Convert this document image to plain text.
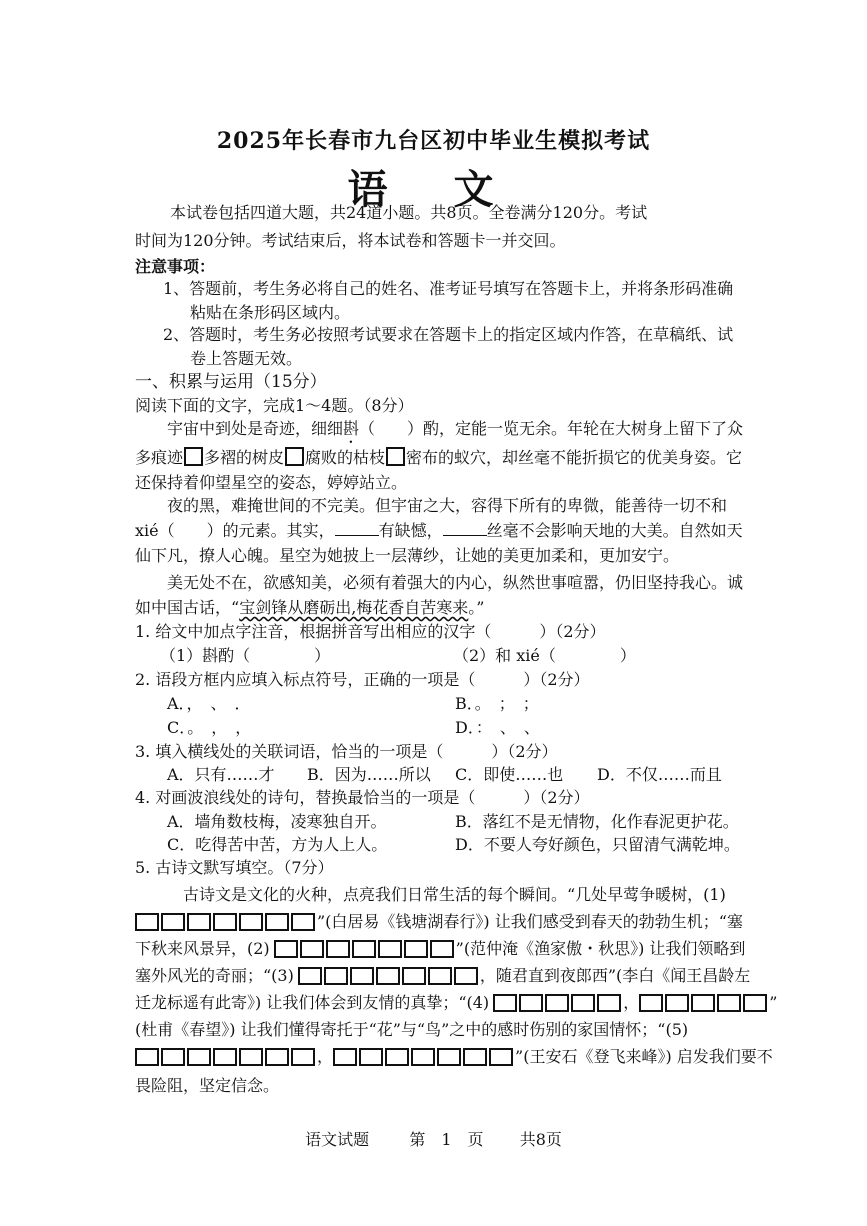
2025年长春市九台区初中毕业生模拟考试
语 文
本试卷包括四道大题，共24道小题。共8页。全卷满分120分。考试
时间为120分钟。考试结束后，将本试卷和答题卡一并交回。
注意事项：
1、答题前，考生务必将自己的姓名、准考证号填写在答题卡上，并将条形码准确
粘贴在条形码区域内。
2、答题时，考生务必按照考试要求在答题卡上的指定区域内作答，在草稿纸、试
卷上答题无效。
一、积累与运用（15分）
阅读下面的文字，完成1～4题。（8分）
宇宙中到处是奇迹，细细斟（　　）酌，定能一览无余。年轮在大树身上留下了众
多痕迹 多褶的树皮 腐败的枯枝 密布的蚁穴，却丝毫不能折损它的优美身姿。它
还保持着仰望星空的姿态，婷婷站立。
夜的黑，难掩世间的不完美。但宇宙之大，容得下所有的卑微，能善待一切不和
xié（　　）的元素。其实，	有缺憾，	丝毫不会影响天地的大美。自然如天
仙下凡，撩人心魄。星空为她披上一层薄纱，让她的美更加柔和，更加安宁。
美无处不在，欲感知美，必须有着强大的内心，纵然世事喧嚣，仍旧坚持我心。诚
如中国古话，“宝剑锋从磨砺出,梅花香自苦寒来。”
1. 给文中加点字注音，根据拼音写出相应的汉字（　　　）（2分）
（1）斟酌（　　　　）	（2）和 xié（　　　　）
2. 语段方框内应填入标点符号，正确的一项是（　　　）（2分）
A．，　、　．	B．。　；　；
C．。　，　，	D．：　、　、
3. 填入横线处的关联词语，恰当的一项是（　　　）（2分）
A．只有……才 B．因为……所以 C．即使……也 D．不仅……而且
4. 对画波浪线处的诗句，替换最恰当的一项是（　　　）（2分）
A．墙角数枝梅，凌寒独自开。	B．落红不是无情物，化作春泥更护花。
C．吃得苦中苦，方为人上人。	D．不要人夸好颜色，只留清气满乾坤。
5. 古诗文默写填空。（7分）
古诗文是文化的火种，点亮我们日常生活的每个瞬间。“几处早莺争暖树，(1)
”(白居易《钱塘湖春行》) 让我们感受到春天的勃勃生机；“塞
下秋来风景异，(2)	”(范仲淹《渔家傲・秋思》) 让我们领略到
塞外风光的奇丽；“(3)	，随君直到夜郎西”(李白《闻王昌龄左
迁龙标遥有此寄》) 让我们体会到友情的真挚；“(4)	，	”
(杜甫《春望》) 让我们懂得寄托于“花”与“鸟”之中的感时伤别的家国情怀；“(5)
，	”(王安石《登飞来峰》) 启发我们要不
畏险阻，坚定信念。
语文试题	第　1　页 共8页
